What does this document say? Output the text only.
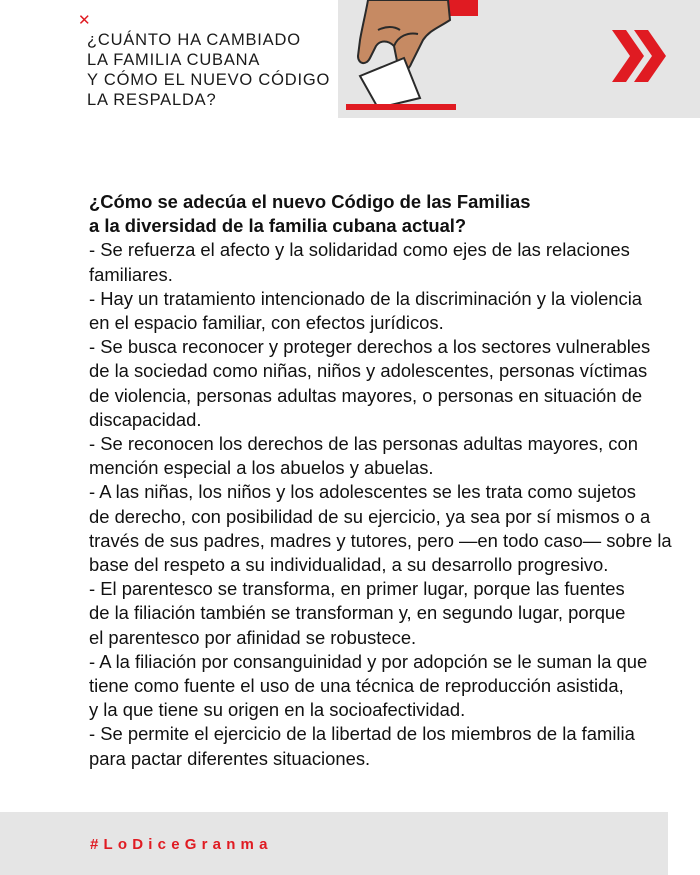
✕
¿CUÁNTO HA CAMBIADO
LA FAMILIA CUBANA
Y CÓMO EL NUEVO CÓDIGO
LA RESPALDA?

¿Cómo se adecúa el nuevo Código de las Familias

a la diversidad de la familia cubana actual?

- Se refuerza el afecto y la solidaridad como ejes de las relaciones

familiares.

- Hay un tratamiento intencionado de la discriminación y la violencia

en el espacio familiar, con efectos jurídicos.

- Se busca reconocer y proteger derechos a los sectores vulnerables

de la sociedad como niñas, niños y adolescentes, personas víctimas

de violencia, personas adultas mayores, o personas en situación de

discapacidad.

- Se reconocen los derechos de las personas adultas mayores, con

mención especial a los abuelos y abuelas.

- A las niñas, los niños y los adolescentes se les trata como sujetos

de derecho, con posibilidad de su ejercicio, ya sea por sí mismos o a

través de sus padres, madres y tutores, pero —en todo caso— sobre la

base del respeto a su individualidad, a su desarrollo progresivo.

- El parentesco se transforma, en primer lugar, porque las fuentes

de la filiación también se transforman y, en segundo lugar, porque

el parentesco por afinidad se robustece.

- A la filiación por consanguinidad y por adopción se le suman la que

tiene como fuente el uso de una técnica de reproducción asistida,

y la que tiene su origen en la socioafectividad.

- Se permite el ejercicio de la libertad de los miembros de la familia

para pactar diferentes situaciones.

#LoDiceGranma
